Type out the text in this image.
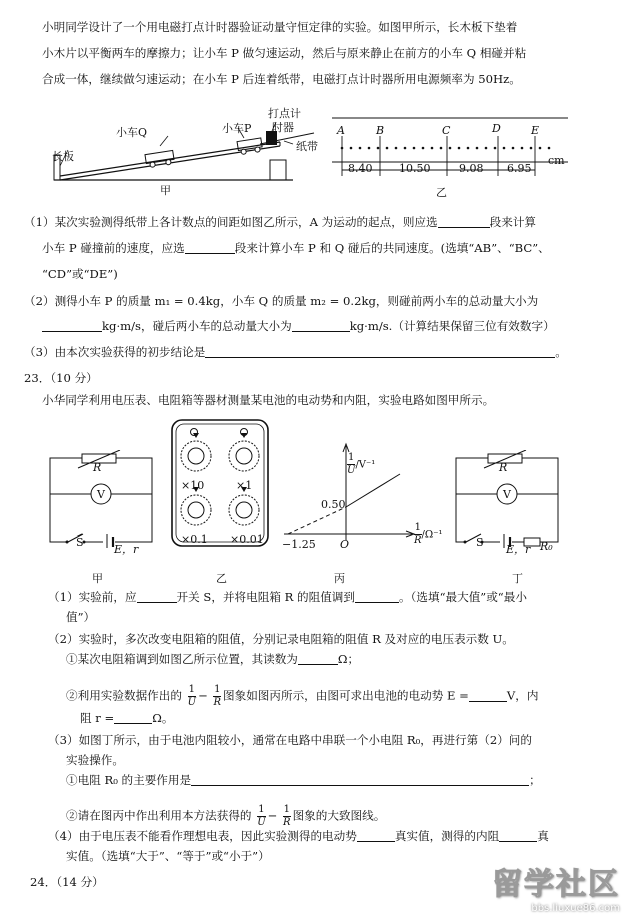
小明同学设计了一个用电磁打点计时器验证动量守恒定律的实验。如图甲所示，长木板下垫着
小木片以平衡两车的摩擦力；让小车 P 做匀速运动，然后与原来静止在前方的小车 Q 相碰并粘
合成一体，继续做匀速运动；在小车 P 后连着纸带，电磁打点计时器所用电源频率为 50Hz。
小车Q	小车P
打点计
时器
长板
纸带
甲
A	B	C	D	E
8.40 10.50	9.08 6.95
cm
乙
（1）某次实验测得纸带上各计数点的间距如图乙所示，A 为运动的起点，则应选	段来计算
小车 P 碰撞前的速度，应选	段来计算小车 P 和 Q 碰后的共同速度。(选填“AB”、“BC”、
“CD”或“DE”)
（2）测得小车 P 的质量 m₁ = 0.4kg，小车 Q 的质量 m₂ = 0.2kg，则碰前两小车的总动量大小为
kg·m/s，碰后两小车的总动量大小为	kg·m/s.（计算结果保留三位有效数字）
（3）由本次实验获得的初步结论是	。
23．（10 分）
小华同学利用电压表、电阻箱等器材测量某电池的电动势和内阻，实验电路如图甲所示。
R
V
S
E，r
甲
×10	×1
×0.1 ×0.01
乙
$\frac{1}{U} /V^{-1}$
0.50
−1.25 O	$\frac{1}{R} /\Omega^{-1}$
丙
R
V
S
E，r R₀
丁
（1）实验前，应	开关 S，并将电阻箱 R 的阻值调到	。（选填“最大值”或“最小
值”）
（2）实验时，多次改变电阻箱的阻值，分别记录电阻箱的阻值 R 及对应的电压表示数 U。
①某次电阻箱调到如图乙所示位置，其读数为	Ω；
②利用实验数据作出的 $\frac{1}{U} - \frac{1}{R}$ 图象如图丙所示，由图可求出电池的电动势 E =	V，内
阻 r =	Ω。
（3）如图丁所示，由于电池内阻较小，通常在电路中串联一个小电阻 R₀，再进行第（2）问的
实验操作。
①电阻 R₀ 的主要作用是	；
②请在图丙中作出利用本方法获得的 $\frac{1}{U} - \frac{1}{R}$ 图象的大致图线。
（4）由于电压表不能看作理想电表，因此实验测得的电动势	真实值，测得的内阻	真
实值。（选填“大于”、“等于”或“小于”）
24．（14 分）	留学社区
bbs.liuxue86.com
